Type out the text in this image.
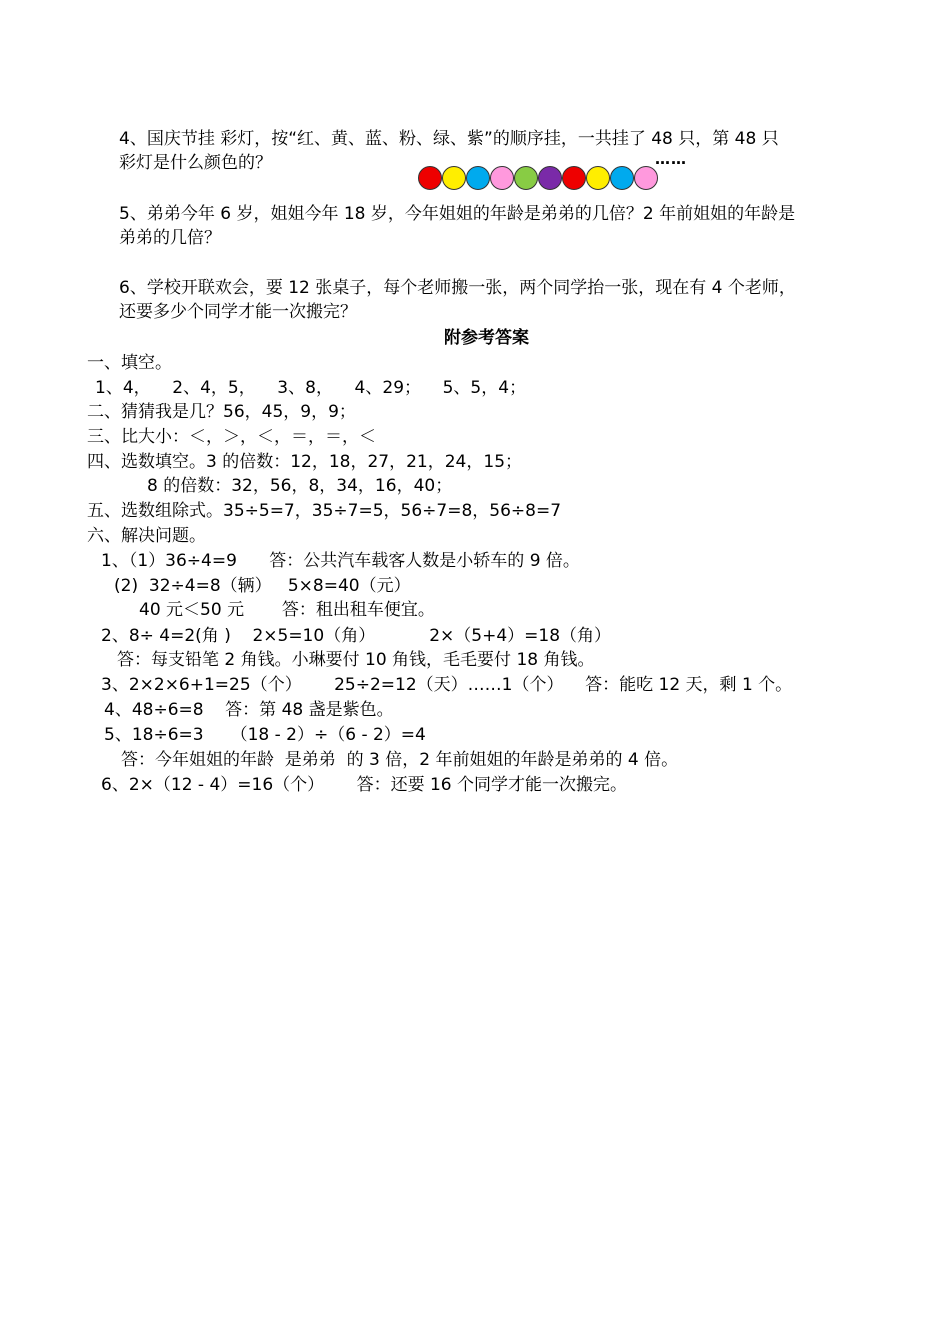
4、国庆节挂 彩灯，按“红、黄、蓝、粉、绿、紫”的顺序挂，一共挂了 48 只，第 48 只
彩灯是什么颜色的？	……
5、弟弟今年 6 岁，姐姐今年 18 岁，今年姐姐的年龄是弟弟的几倍？2 年前姐姐的年龄是
弟弟的几倍？
6、学校开联欢会，要 12 张桌子，每个老师搬一张，两个同学抬一张，现在有 4 个老师，
还要多少个同学才能一次搬完？
附参考答案
一、填空。
1、4，    2、4，5，    3、8，    4、29；    5、5，4；
二、猜猜我是几？56，45，9，9；
三、比大小：＜，＞，＜，＝，＝，＜
四、选数填空。3 的倍数：12，18，27，21，24，15；
8 的倍数：32，56，8，34，16，40；
五、选数组除式。35÷5=7，35÷7=5，56÷7=8，56÷8=7
六、解决问题。
1、（1）36÷4=9      答：公共汽车载客人数是小轿车的 9 倍。
(2)  32÷4=8（辆）   5×8=40（元）
40 元＜50 元       答：租出租车便宜。
2、8÷ 4=2(角 )    2×5=10（角）          2×（5+4）=18（角）
答：每支铅笔 2 角钱。小琳要付 10 角钱，毛毛要付 18 角钱。
3、2×2×6+1=25（个）      25÷2=12（天）……1（个）    答：能吃 12 天，剩 1 个。
4、48÷6=8    答：第 48 盏是紫色。
5、18÷6=3     （18 - 2）÷（6 - 2）=4
答：今年姐姐的年龄  是弟弟  的 3 倍，2 年前姐姐的年龄是弟弟的 4 倍。
6、2×（12 - 4）=16（个）      答：还要 16 个同学才能一次搬完。
